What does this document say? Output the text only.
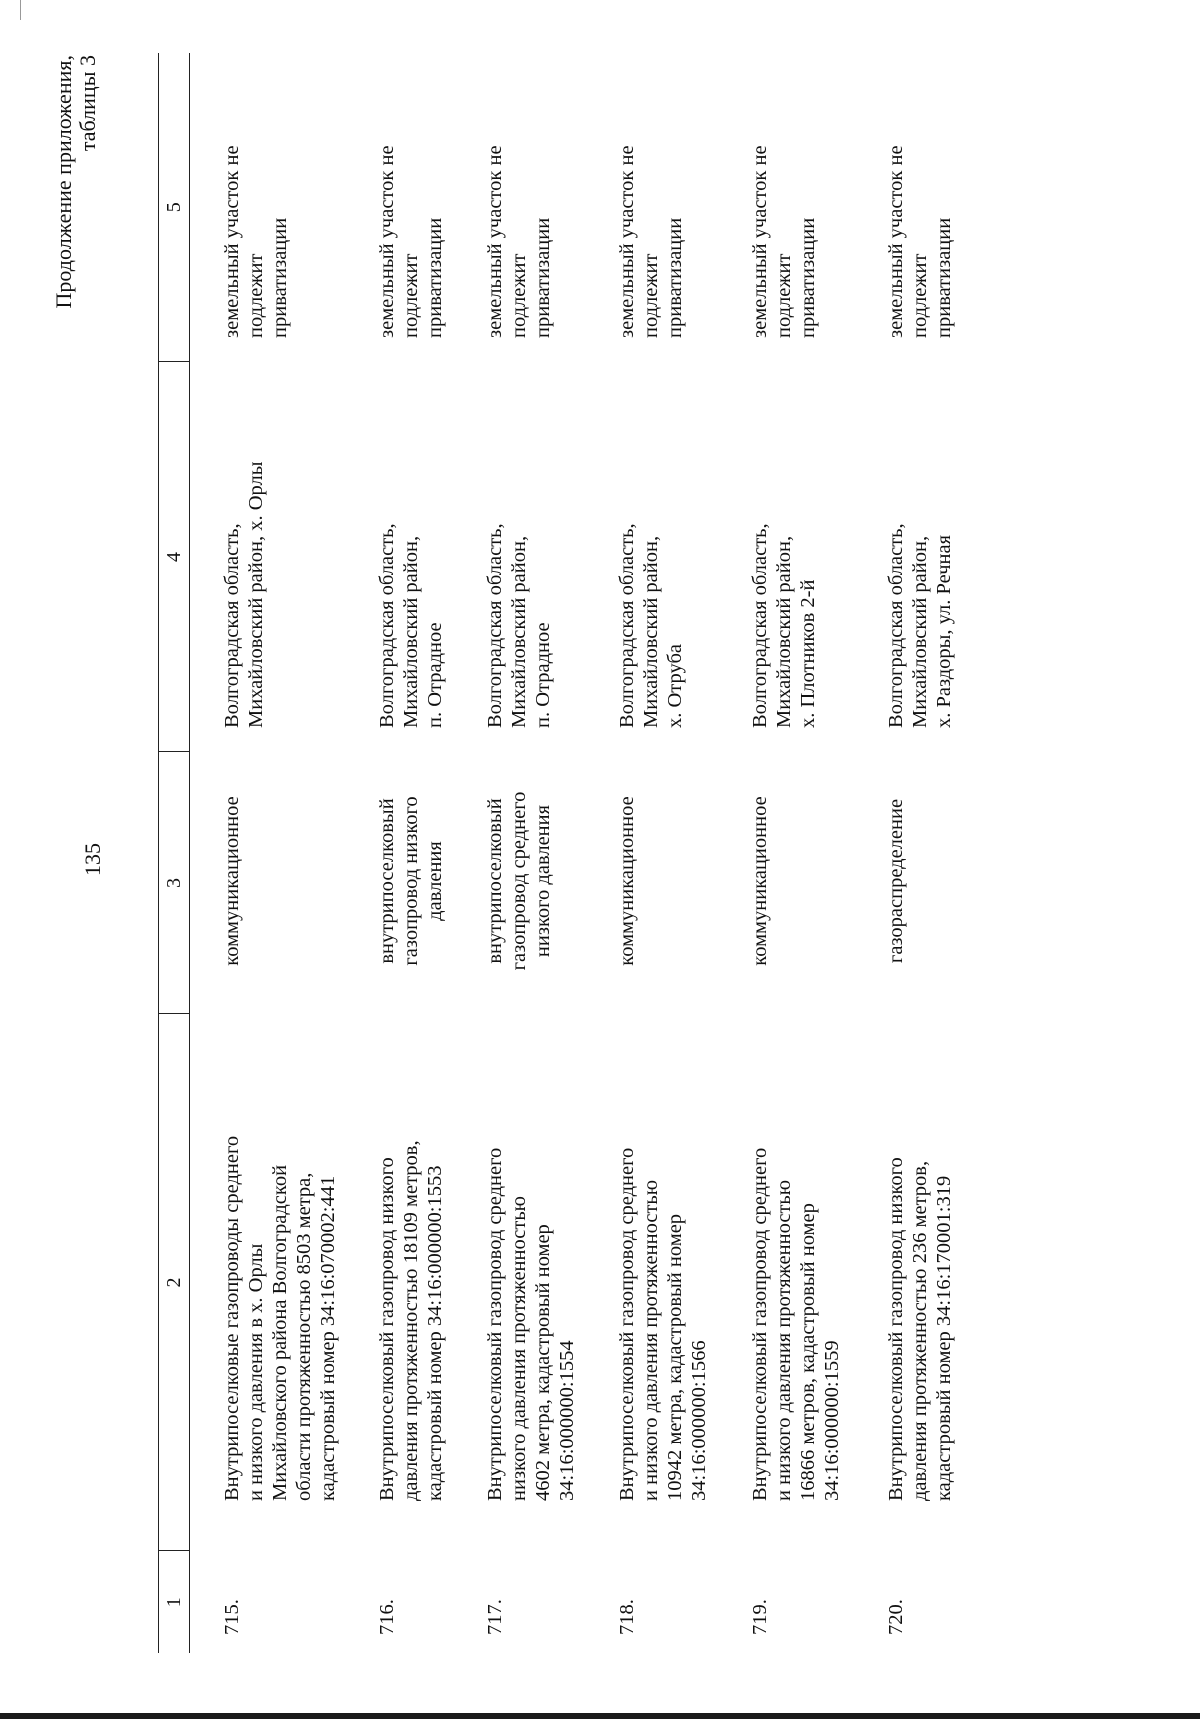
135
Продолжение приложения, таблицы 3
1	2	3	4	5
715.	Внутрипоселковые газопроводы среднего
и низкого давления в х. Орлы
Михайловского района Волгоградской
области протяженностью 8503 метра,
кадастровый номер 34:16:070002:441	коммуникационное	Волгоградская область,
Михайловский район, х. Орлы	земельный участок не подлежит
приватизации
716.	Внутрипоселковый газопровод низкого
давления протяженностью 18109 метров,
кадастровый номер 34:16:000000:1553	внутрипоселковый
газопровод низкого
давления	Волгоградская область,
Михайловский район,
п. Отрадное	земельный участок не подлежит
приватизации
717.	Внутрипоселковый газопровод среднего
низкого давления протяженностью
4602 метра, кадастровый номер
34:16:000000:1554	внутрипоселковый
газопровод среднего
низкого давления	Волгоградская область,
Михайловский район,
п. Отрадное	земельный участок не подлежит
приватизации
718.	Внутрипоселковый газопровод среднего
и низкого давления протяженностью
10942 метра, кадастровый номер
34:16:000000:1566	коммуникационное	Волгоградская область,
Михайловский район,
х. Отруба	земельный участок не подлежит
приватизации
719.	Внутрипоселковый газопровод среднего
и низкого давления протяженностью
16866 метров, кадастровый номер
34:16:000000:1559	коммуникационное	Волгоградская область,
Михайловский район,
х. Плотников 2-й	земельный участок не подлежит
приватизации
720.	Внутрипоселковый газопровод низкого
давления протяженностью 236 метров,
кадастровый номер 34:16:170001:319	газораспределение	Волгоградская область,
Михайловский район,
х. Раздоры, ул. Речная	земельный участок не подлежит
приватизации
